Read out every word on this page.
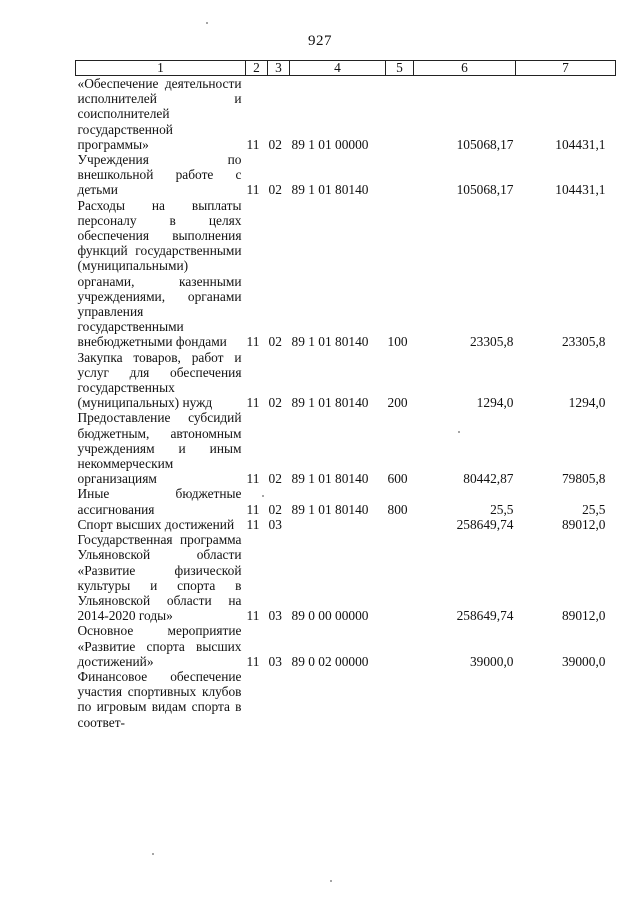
927
1	2	3	4	5	6	7
«Обеспечение деятельности исполнителей и соисполнителей государственной программы»	11	02	89 1 01 00000		105068,17	104431,1
Учреждения по внешкольной работе с детьми	11	02	89 1 01 80140		105068,17	104431,1
Расходы на выплаты персоналу в целях обеспечения выполнения функций государственными (муниципальными) органами, казенными учреждениями, органами управления государственными внебюджетными фондами	11	02	89 1 01 80140	100	23305,8	23305,8
Закупка товаров, работ и услуг для обеспечения государственных (муниципальных) нужд	11	02	89 1 01 80140	200	1294,0	1294,0
Предоставление субсидий бюджетным, автономным учреждениям и иным некоммерческим организациям	11	02	89 1 01 80140	600	80442,87	79805,8
Иные бюджетные ассигнования	11	02	89 1 01 80140	800	25,5	25,5
Спорт высших достижений	11	03			258649,74	89012,0
Государственная программа Ульяновской области «Развитие физической культуры и спорта в Ульяновской области на 2014-2020 годы»	11	03	89 0 00 00000		258649,74	89012,0
Основное мероприятие «Развитие спорта высших достижений»	11	03	89 0 02 00000		39000,0	39000,0
Финансовое обеспечение участия спортивных клубов по игровым видам спорта в соответ-						
